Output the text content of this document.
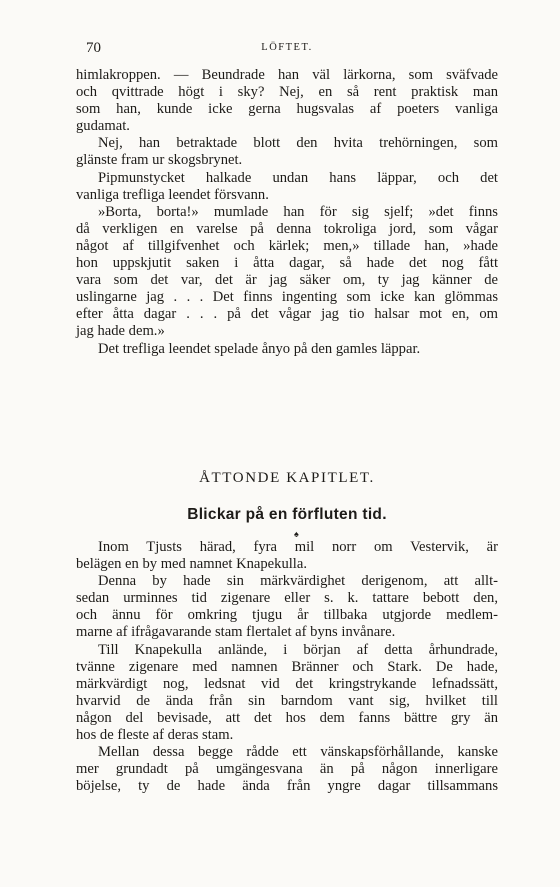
70	LÖFTET.

himlakroppen. — Beundrade han väl lärkorna, som sväfvade

och qvittrade högt i sky? Nej, en så rent praktisk man

som han, kunde icke gerna hugsvalas af poeters vanliga

gudamat.

Nej, han betraktade blott den hvita trehörningen, som

glänste fram ur skogsbrynet.

Pipmunstycket halkade undan hans läppar, och det

vanliga trefliga leendet försvann.

»Borta, borta!» mumlade han för sig sjelf; »det finns

då verkligen en varelse på denna tokroliga jord, som vågar

något af tillgifvenhet och kärlek; men,» tillade han, »hade

hon uppskjutit saken i åtta dagar, så hade det nog fått

vara som det var, det är jag säker om, ty jag känner de

uslingarne jag . . . Det finns ingenting som icke kan glömmas

efter åtta dagar . . . på det vågar jag tio halsar mot en, om

jag hade dem.»

Det trefliga leendet spelade ånyo på den gamles läppar.

ÅTTONDE KAPITLET.
Blickar på en förfluten tid.
♠

Inom Tjusts härad, fyra mil norr om Vestervik, är

belägen en by med namnet Knapekulla.

Denna by hade sin märkvärdighet derigenom, att allt-

sedan urminnes tid zigenare eller s. k. tattare bebott den,

och ännu för omkring tjugu år tillbaka utgjorde medlem-

marne af ifrågavarande stam flertalet af byns invånare.

Till Knapekulla anlände, i början af detta århundrade,

tvänne zigenare med namnen Bränner och Stark. De hade,

märkvärdigt nog, ledsnat vid det kringstrykande lefnadssätt,

hvarvid de ända från sin barndom vant sig, hvilket till

någon del bevisade, att det hos dem fanns bättre gry än

hos de fleste af deras stam.

Mellan dessa begge rådde ett vänskapsförhållande, kanske

mer grundadt på umgängesvana än på någon innerligare

böjelse, ty de hade ända från yngre dagar tillsammans
